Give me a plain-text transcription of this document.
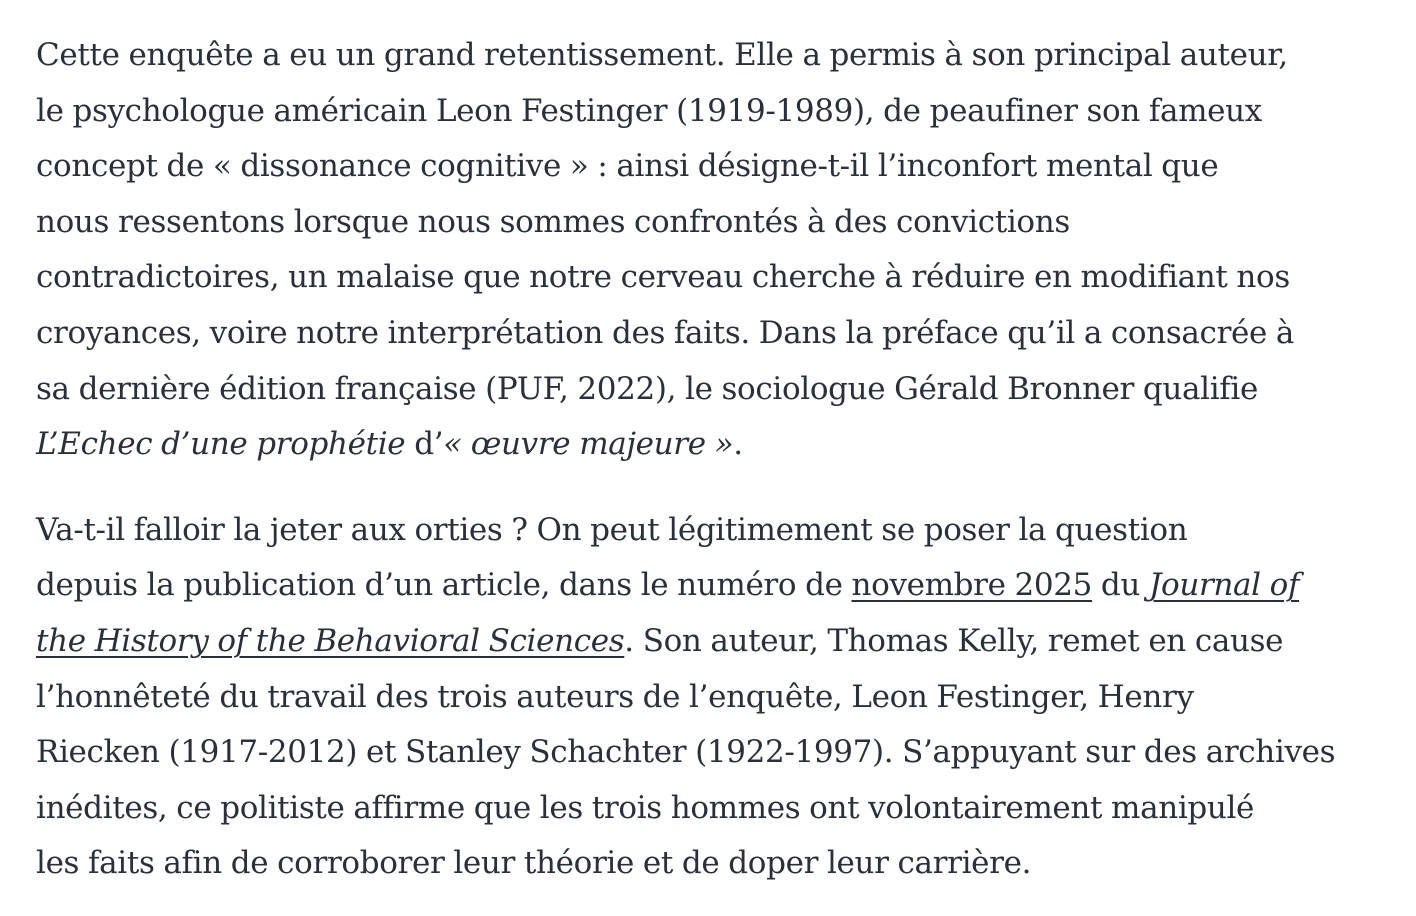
Cette enquête a eu un grand retentissement. Elle a permis à son principal auteur,
le psychologue américain Leon Festinger (1919-1989), de peaufiner son fameux
concept de « dissonance cognitive » : ainsi désigne-t-il l’inconfort mental que
nous ressentons lorsque nous sommes confrontés à des convictions
contradictoires, un malaise que notre cerveau cherche à réduire en modifiant nos
croyances, voire notre interprétation des faits. Dans la préface qu’il a consacrée à
sa dernière édition française (PUF, 2022), le sociologue Gérald Bronner qualifie
L’Echec d’une prophétie d’« œuvre majeure ».

Va-t-il falloir la jeter aux orties ? On peut légitimement se poser la question
depuis la publication d’un article, dans le numéro de novembre 2025 du Journal of
the History of the Behavioral Sciences. Son auteur, Thomas Kelly, remet en cause
l’honnêteté du travail des trois auteurs de l’enquête, Leon Festinger, Henry
Riecken (1917-2012) et Stanley Schachter (1922-1997). S’appuyant sur des archives
inédites, ce politiste affirme que les trois hommes ont volontairement manipulé
les faits afin de corroborer leur théorie et de doper leur carrière.
